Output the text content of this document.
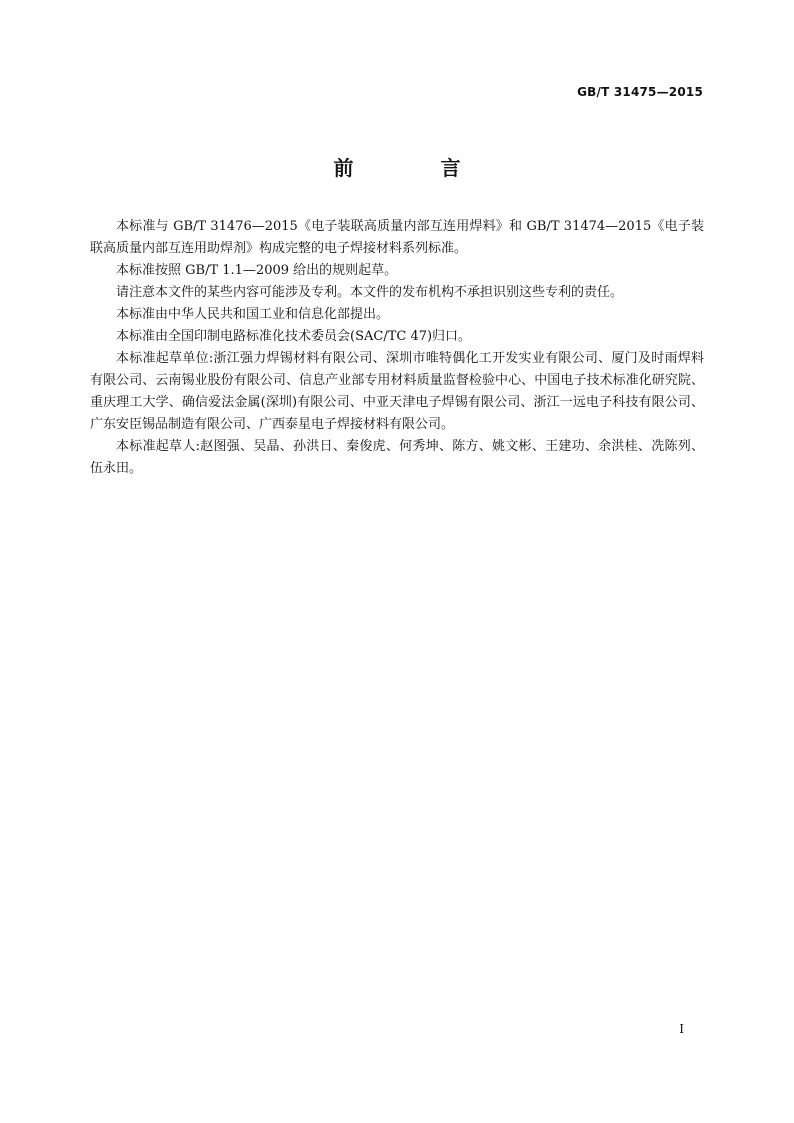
GB/T 31475—2015
前 言

本标准与 GB/T 31476—2015《电子装联高质量内部互连用焊料》和 GB/T 31474—2015《电子装联高质量内部互连用助焊剂》构成完整的电子焊接材料系列标准。

本标准按照 GB/T 1.1—2009 给出的规则起草。

请注意本文件的某些内容可能涉及专利。本文件的发布机构不承担识别这些专利的责任。

本标准由中华人民共和国工业和信息化部提出。

本标准由全国印制电路标准化技术委员会(SAC/TC 47)归口。

本标准起草单位:浙江强力焊锡材料有限公司、深圳市唯特偶化工开发实业有限公司、厦门及时雨焊料有限公司、云南锡业股份有限公司、信息产业部专用材料质量监督检验中心、中国电子技术标准化研究院、重庆理工大学、确信爱法金属(深圳)有限公司、中亚天津电子焊锡有限公司、浙江一远电子科技有限公司、广东安臣锡品制造有限公司、广西泰星电子焊接材料有限公司。

本标准起草人:赵图强、吴晶、孙洪日、秦俊虎、何秀坤、陈方、姚文彬、王建功、余洪桂、冼陈列、伍永田。

I
